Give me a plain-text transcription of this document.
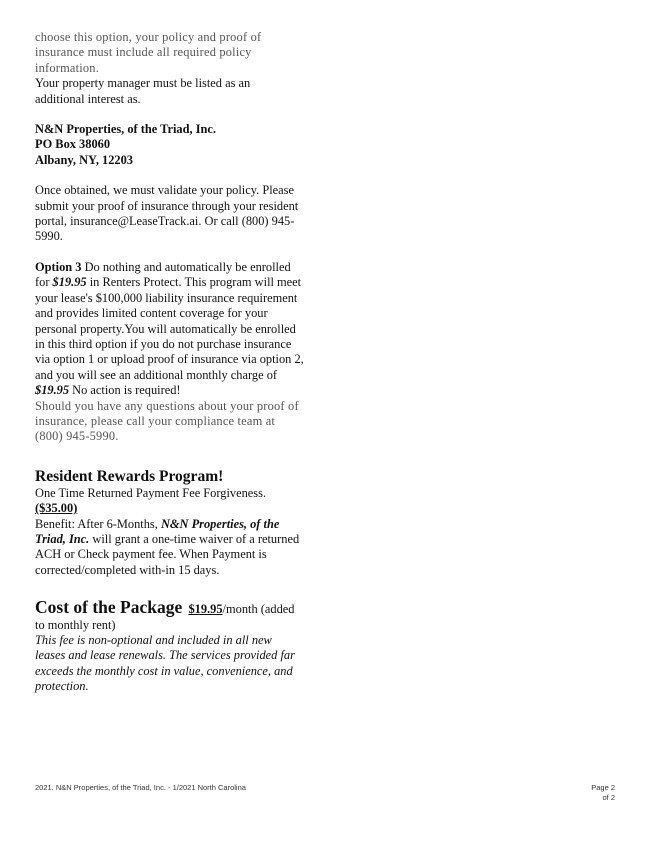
choose this option, your policy and proof of

insurance must include all required policy

information.

Your property manager must be listed as an

additional interest as.

N&N Properties, of the Triad, Inc.

PO Box 38060

Albany, NY, 12203

Once obtained, we must validate your policy. Please submit your proof of insurance through your resident portal, insurance@LeaseTrack.ai. Or call (800) 945-5990.

Option 3 Do nothing and automatically be enrolled for $19.95 in Renters Protect. This program will meet your lease's $100,000 liability insurance requirement and provides limited content coverage for your personal property.You will automatically be enrolled in this third option if you do not purchase insurance via option 1 or upload proof of insurance via option 2, and you will see an additional monthly charge of $19.95 No action is required!

Should you have any questions about your proof of insurance, please call your compliance team at (800) 945-5990.

Resident Rewards Program!

One Time Returned Payment Fee Forgiveness.

($35.00)

Benefit: After 6-Months, N&N Properties, of the Triad, Inc. will grant a one-time waiver of a returned ACH or Check payment fee. When Payment is corrected/completed with-in 15 days.

Cost of the Package $19.95/month (added to monthly rent)

This fee is non-optional and included in all new leases and lease renewals. The services provided far exceeds the monthly cost in value, convenience, and protection.

2021. N&N Properties, of the Triad, Inc. - 1/2021 North Carolina	Page 2
of 2
